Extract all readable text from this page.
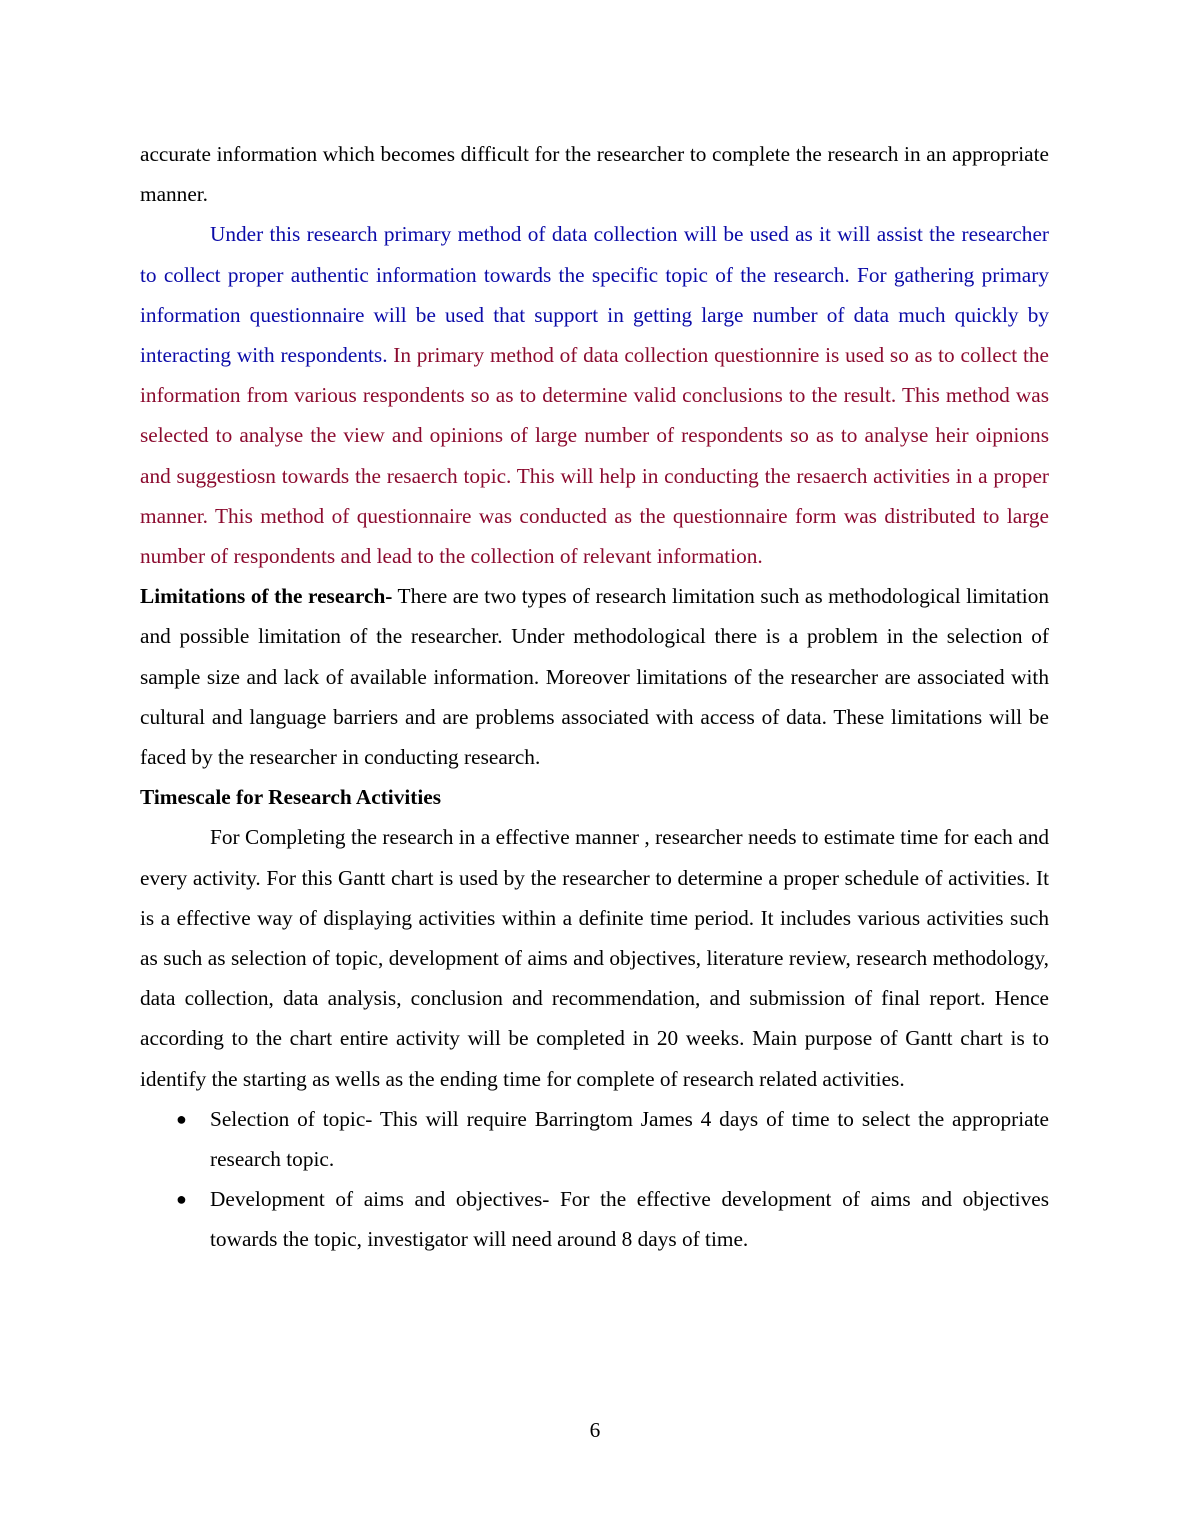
accurate information which becomes difficult for the researcher to complete the research in an appropriate manner.

Under this research primary method of data collection will be used as it will assist the researcher to collect proper authentic information towards the specific topic of the research. For gathering primary information questionnaire will be used that support in getting large number of data much quickly by interacting with respondents. In primary method of data collection questionnire is used so as to collect the information from various respondents so as to determine valid conclusions to the result. This method was selected to analyse the view and opinions of large number of respondents so as to analyse heir oipnions and suggestiosn towards the resaerch topic. This will help in conducting the resaerch activities in a proper manner. This method of questionnaire was conducted as the questionnaire form was distributed to large number of respondents and lead to the collection of relevant information.

Limitations of the research- There are two types of research limitation such as methodological limitation and possible limitation of the researcher. Under methodological there is a problem in the selection of sample size and lack of available information. Moreover limitations of the researcher are associated with cultural and language barriers and are problems associated with access of data. These limitations will be faced by the researcher in conducting research.

Timescale for Research Activities

For Completing the research in a effective manner , researcher needs to estimate time for each and every activity. For this Gantt chart is used by the researcher to determine a proper schedule of activities. It is a effective way of displaying activities within a definite time period. It includes various activities such as such as selection of topic, development of aims and objectives, literature review, research methodology, data collection, data analysis, conclusion and recommendation, and submission of final report. Hence according to the chart entire activity will be completed in 20 weeks. Main purpose of Gantt chart is to identify the starting as wells as the ending time for complete of research related activities.

● Selection of topic- This will require Barringtom James 4 days of time to select the appropriate research topic.
● Development of aims and objectives- For the effective development of aims and objectives towards the topic, investigator will need around 8 days of time.
6
